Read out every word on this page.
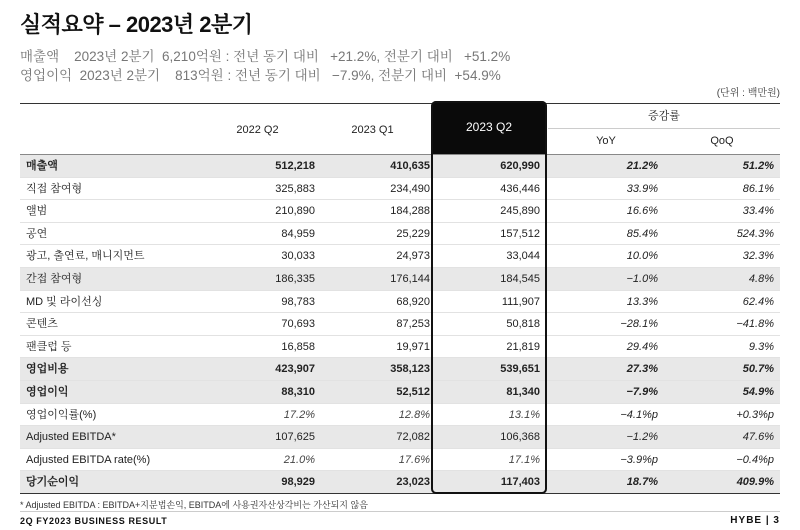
실적요약 – 2023년 2분기
매출액    2023년 2분기  6,210억원 : 전년 동기 대비   +21.2%, 전분기 대비   +51.2%
영업이익  2023년 2분기    813억원 : 전년 동기 대비   −7.9%, 전분기 대비  +54.9%
(단위 : 백만원)
증감률
2022 Q2	2023 Q1	2023 Q2
YoY	QoQ
매출액	512,218	410,635	620,990	21.2%	51.2%
직접 참여형	325,883	234,490	436,446	33.9%	86.1%
앨범	210,890	184,288	245,890	16.6%	33.4%
공연	84,959	25,229	157,512	85.4%	524.3%
광고, 출연료, 매니지먼트	30,033	24,973	33,044	10.0%	32.3%
간접 참여형	186,335	176,144	184,545	−1.0%	4.8%
MD 및 라이선싱	98,783	68,920	111,907	13.3%	62.4%
콘텐츠	70,693	87,253	50,818	−28.1%	−41.8%
팬클럽 등	16,858	19,971	21,819	29.4%	9.3%
영업비용	423,907	358,123	539,651	27.3%	50.7%
영업이익	88,310	52,512	81,340	−7.9%	54.9%
영업이익률(%)	17.2%	12.8%	13.1%	−4.1%p	+0.3%p
Adjusted EBITDA*	107,625	72,082	106,368	−1.2%	47.6%
Adjusted EBITDA rate(%)	21.0%	17.6%	17.1%	−3.9%p	−0.4%p
당기순이익	98,929	23,023	117,403	18.7%	409.9%
* Adjusted EBITDA : EBITDA+지분법손익, EBITDA에 사용권자산상각비는 가산되지 않음
2Q FY2023 BUSINESS RESULT	HYBE | 3
